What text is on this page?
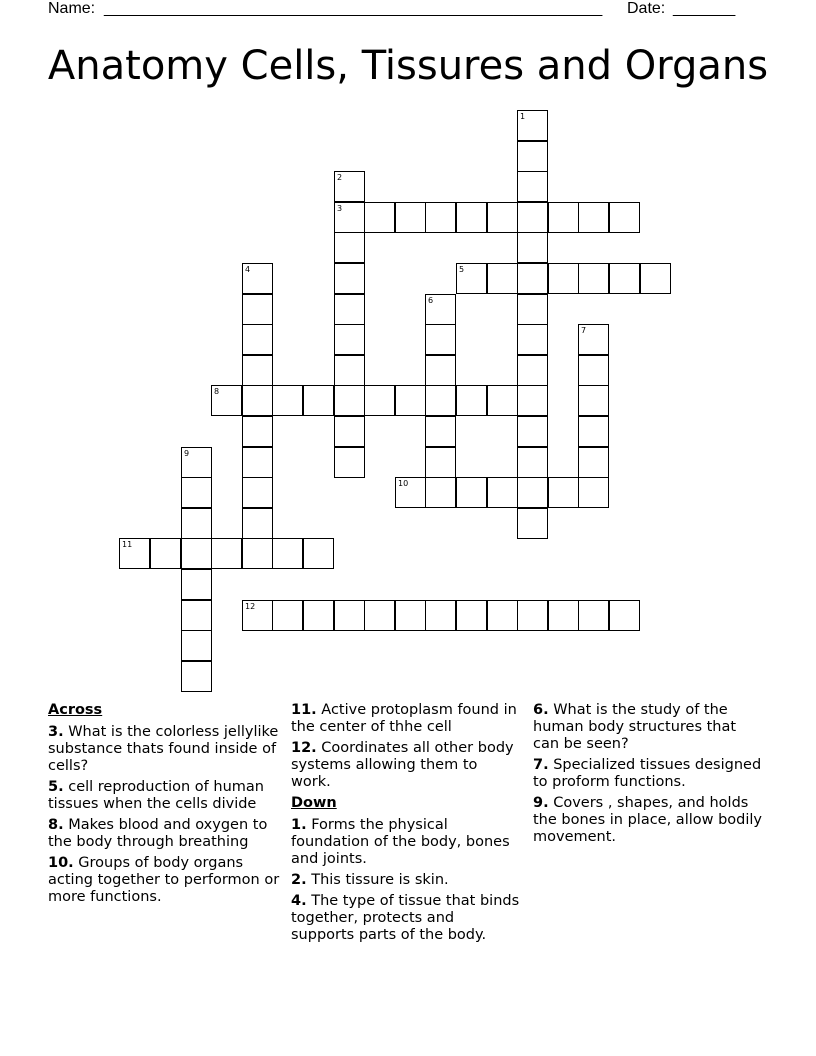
Name: ________________________________________________________ Date: _______
Anatomy Cells, Tissures and Organs
3
5
8
10
11
12
1
2
4
6
7
9
Across
3. What is the colorless jellylike substance thats found inside of cells?
5. cell reproduction of human tissues when the cells divide
8. Makes blood and oxygen to the body through breathing
10. Groups of body organs acting together to performon or more functions.
11. Active protoplasm found in the center of thhe cell
12. Coordinates all other body systems allowing them to work.
Down
1. Forms the physical foundation of the body, bones and joints.
2. This tissure is skin.
4. The type of tissue that binds together, protects and supports parts of the body.
6. What is the study of the human body structures that can be seen?
7. Specialized tissues designed to proform functions.
9. Covers , shapes, and holds the bones in place, allow bodily movement.
